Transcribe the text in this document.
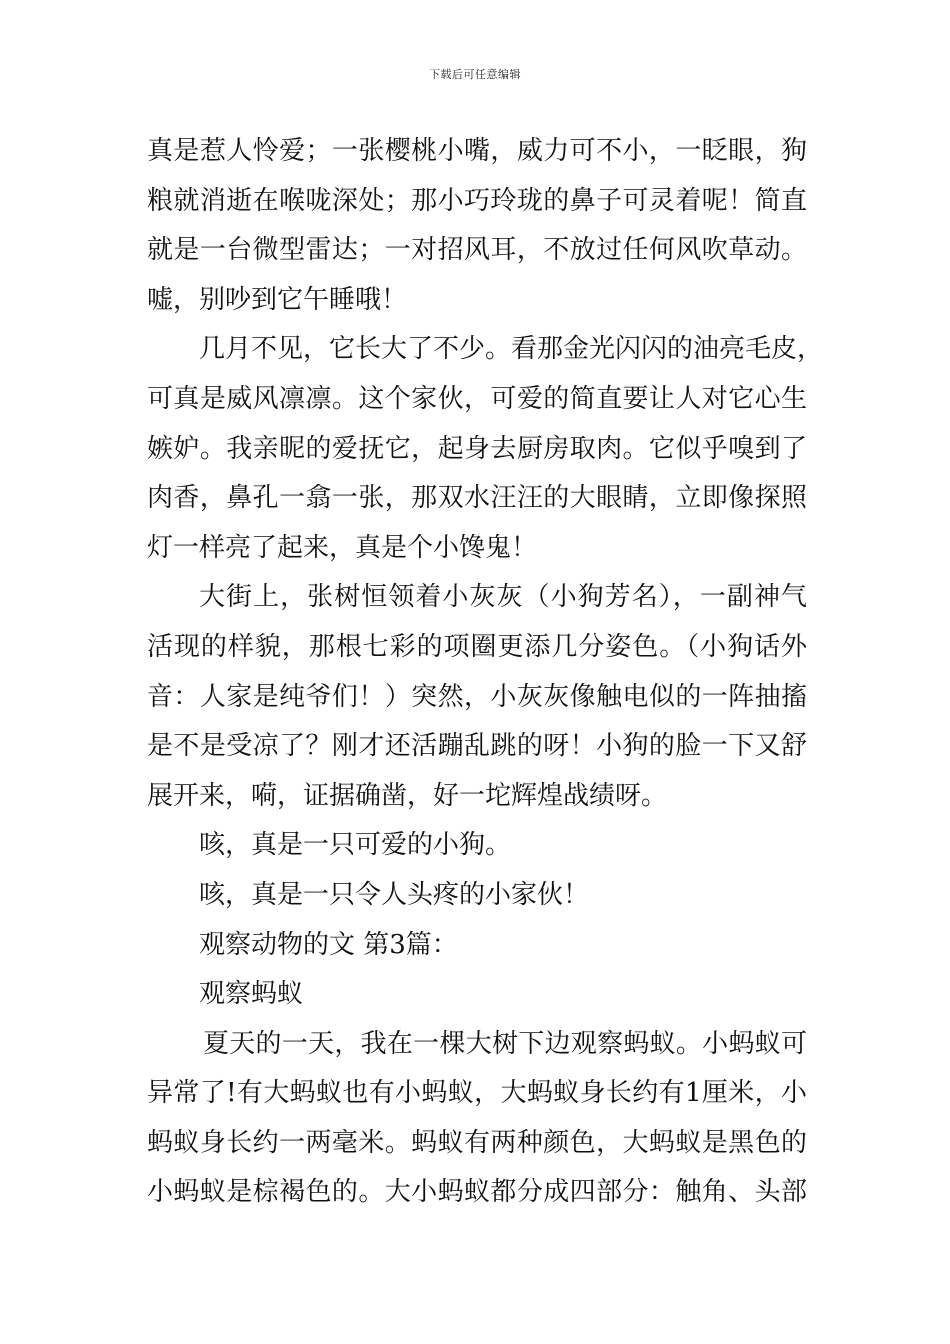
下载后可任意编辑
真是惹人怜爱；一张樱桃小嘴，威力可不小，一眨眼，狗
粮就消逝在喉咙深处；那小巧玲珑的鼻子可灵着呢！简直
就是一台微型雷达；一对招风耳，不放过任何风吹草动。
嘘，别吵到它午睡哦！
几月不见，它长大了不少。看那金光闪闪的油亮毛皮，
可真是威风凛凛。这个家伙，可爱的简直要让人对它心生
嫉妒。我亲昵的爱抚它，起身去厨房取肉。它似乎嗅到了
肉香，鼻孔一翕一张，那双水汪汪的大眼睛，立即像探照
灯一样亮了起来，真是个小馋鬼！
大街上，张树恒领着小灰灰（小狗芳名），一副神气
活现的样貌，那根七彩的项圈更添几分姿色。（小狗话外
音：人家是纯爷们！）突然，小灰灰像触电似的一阵抽搐
是不是受凉了？刚才还活蹦乱跳的呀！小狗的脸一下又舒
展开来，嗬，证据确凿，好一坨辉煌战绩呀。
咳，真是一只可爱的小狗。
咳，真是一只令人头疼的小家伙！
观察动物的文 第3篇：
观察蚂蚁
夏天的一天，我在一棵大树下边观察蚂蚁。小蚂蚁可
异常了!有大蚂蚁也有小蚂蚁，大蚂蚁身长约有1厘米，小
蚂蚁身长约一两毫米。蚂蚁有两种颜色，大蚂蚁是黑色的
小蚂蚁是棕褐色的。大小蚂蚁都分成四部分：触角、头部
